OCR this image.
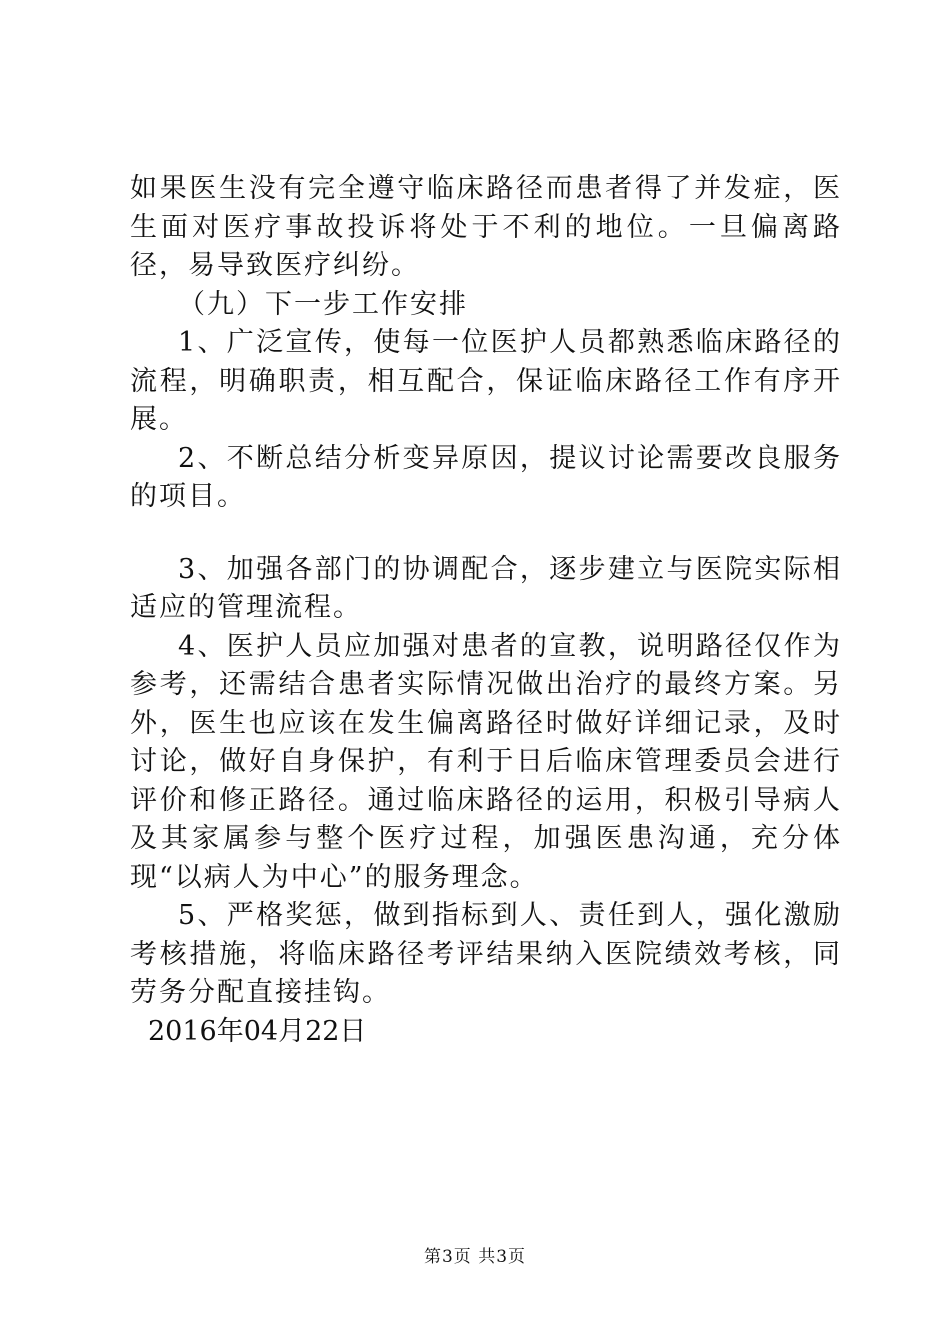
如果医生没有完全遵守临床路径而患者得了并发症，医生面对医疗事故投诉将处于不利的地位。一旦偏离路径，易导致医疗纠纷。

（九）下一步工作安排

1、广泛宣传，使每一位医护人员都熟悉临床路径的流程，明确职责，相互配合，保证临床路径工作有序开展。

2、不断总结分析变异原因，提议讨论需要改良服务的项目。

3、加强各部门的协调配合，逐步建立与医院实际相适应的管理流程。

4、医护人员应加强对患者的宣教，说明路径仅作为参考，还需结合患者实际情况做出治疗的最终方案。另外，医生也应该在发生偏离路径时做好详细记录，及时讨论，做好自身保护，有利于日后临床管理委员会进行评价和修正路径。通过临床路径的运用，积极引导病人及其家属参与整个医疗过程，加强医患沟通，充分体现“以病人为中心”的服务理念。

5、严格奖惩，做到指标到人、责任到人，强化激励考核措施，将临床路径考评结果纳入医院绩效考核，同劳务分配直接挂钩。

2016年04月22日

第3页 共3页
